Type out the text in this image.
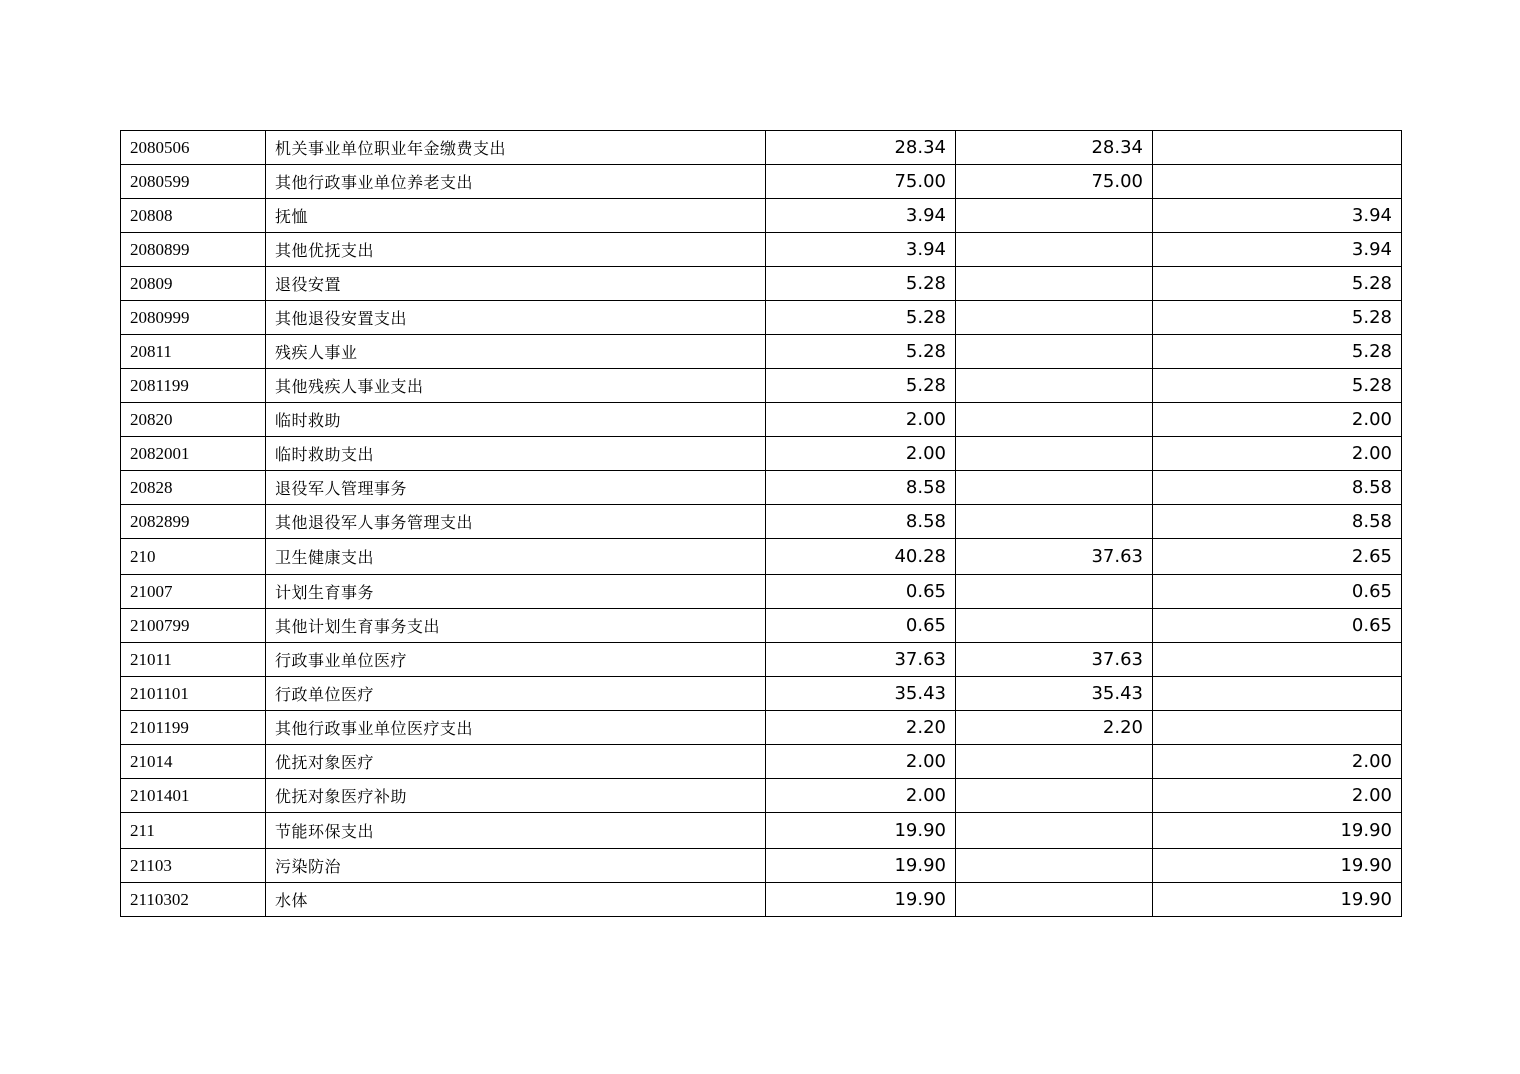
2080506	机关事业单位职业年金缴费支出	28.34	28.34	
2080599	其他行政事业单位养老支出	75.00	75.00	
20808	抚恤	3.94		3.94
2080899	其他优抚支出	3.94		3.94
20809	退役安置	5.28		5.28
2080999	其他退役安置支出	5.28		5.28
20811	残疾人事业	5.28		5.28
2081199	其他残疾人事业支出	5.28		5.28
20820	临时救助	2.00		2.00
2082001	临时救助支出	2.00		2.00
20828	退役军人管理事务	8.58		8.58
2082899	其他退役军人事务管理支出	8.58		8.58
210	卫生健康支出	40.28	37.63	2.65
21007	计划生育事务	0.65		0.65
2100799	其他计划生育事务支出	0.65		0.65
21011	行政事业单位医疗	37.63	37.63	
2101101	行政单位医疗	35.43	35.43	
2101199	其他行政事业单位医疗支出	2.20	2.20	
21014	优抚对象医疗	2.00		2.00
2101401	优抚对象医疗补助	2.00		2.00
211	节能环保支出	19.90		19.90
21103	污染防治	19.90		19.90
2110302	水体	19.90		19.90
